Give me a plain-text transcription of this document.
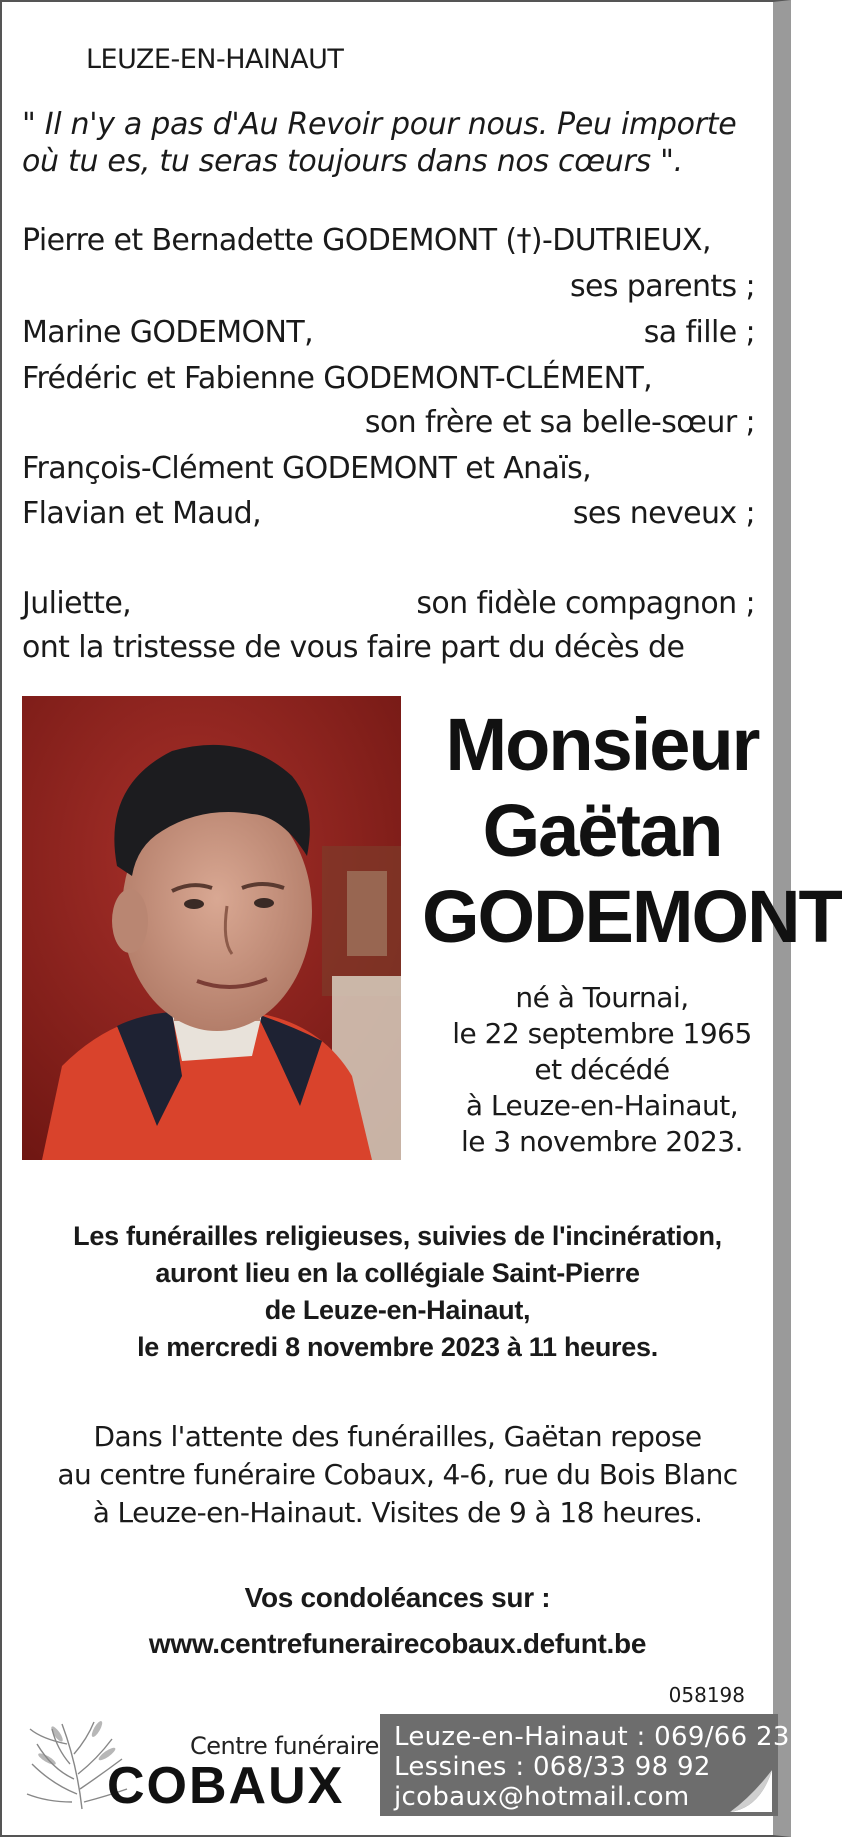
LEUZE-EN-HAINAUT
" Il n'y a pas d'Au Revoir pour nous. Peu importe où tu es, tu seras toujours dans nos cœurs ".
Pierre et Bernadette GODEMONT (†)-DUTRIEUX,
ses parents ;
Marine GODEMONT,	sa fille ;
Frédéric et Fabienne GODEMONT-CLÉMENT,
son frère et sa belle-sœur ;
François-Clément GODEMONT et Anaïs,
Flavian et Maud,	ses neveux ;
Juliette,	son fidèle compagnon ;
ont la tristesse de vous faire part du décès de
Monsieur
Gaëtan
GODEMONT
né à Tournai,
le 22 septembre 1965
et décédé
à Leuze-en-Hainaut,
le 3 novembre 2023.
Les funérailles religieuses, suivies de l'incinération,
auront lieu en la collégiale Saint-Pierre
de Leuze-en-Hainaut,
le mercredi 8 novembre 2023 à 11 heures.
Dans l'attente des funérailles, Gaëtan repose
au centre funéraire Cobaux, 4-6, rue du Bois Blanc
à Leuze-en-Hainaut. Visites de 9 à 18 heures.
Vos condoléances sur :
www.centrefunerairecobaux.defunt.be
058198
Centre funéraire
COBAUX
Leuze-en-Hainaut : 069/66 23 06
Lessines : 068/33 98 92
jcobaux@hotmail.com
